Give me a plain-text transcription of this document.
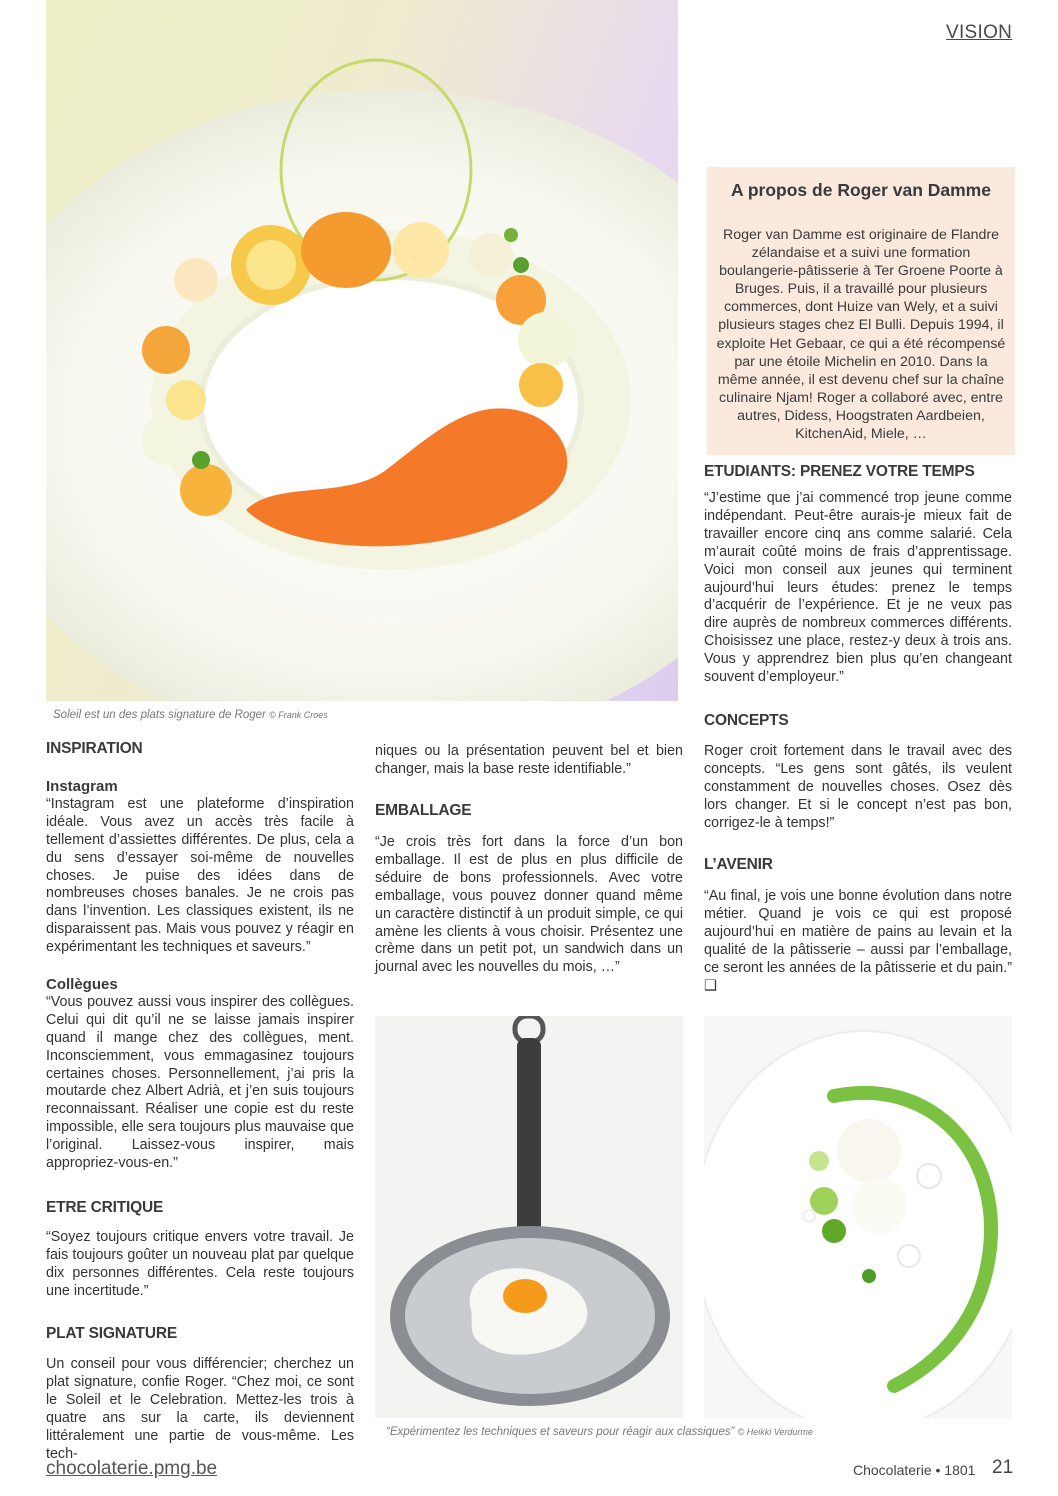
VISION
Soleil est un des plats signature de Roger © Frank Croes
A propos de Roger van Damme

Roger van Damme est originaire de Flandre zélandaise et a suivi une formation boulangerie-pâtisserie à Ter Groene Poorte à Bruges. Puis, il a travaillé pour plusieurs commerces, dont Huize van Wely, et a suivi plusieurs stages chez El Bulli. Depuis 1994, il exploite Het Gebaar, ce qui a été récompensé par une étoile Michelin en 2010. Dans la même année, il est devenu chef sur la chaîne culinaire Njam! Roger a collaboré avec, entre autres, Didess, Hoogstraten Aardbeien, KitchenAid, Miele, …

INSPIRATION
Instagram

“Instagram est une plateforme d’inspiration idéale. Vous avez un accès très facile à tellement d’assiettes différentes. De plus, cela a du sens d’essayer soi-même de nouvelles choses. Je puise des idées dans de nombreuses choses banales. Je ne crois pas dans l’invention. Les classiques existent, ils ne disparaissent pas. Mais vous pouvez y réagir en expérimentant les techniques et saveurs.”

Collègues

“Vous pouvez aussi vous inspirer des collègues. Celui qui dit qu’il ne se laisse jamais inspirer quand il mange chez des collègues, ment. Inconsciemment, vous emmagasinez toujours certaines choses. Personnellement, j’ai pris la moutarde chez Albert Adrià, et j’en suis toujours reconnaissant. Réaliser une copie est du reste impossible, elle sera toujours plus mauvaise que l’original. Laissez-vous inspirer, mais appropriez-vous-en.”

ETRE CRITIQUE

“Soyez toujours critique envers votre travail. Je fais toujours goûter un nouveau plat par quelque dix personnes différentes. Cela reste toujours une incertitude.”

PLAT SIGNATURE

Un conseil pour vous différencier; cherchez un plat signature, confie Roger. “Chez moi, ce sont le Soleil et le Celebration. Mettez-les trois à quatre ans sur la carte, ils deviennent littéralement une partie de vous-même. Les tech-

niques ou la présentation peuvent bel et bien changer, mais la base reste identifiable.”

EMBALLAGE

“Je crois très fort dans la force d’un bon emballage. Il est de plus en plus difficile de séduire de bons professionnels. Avec votre emballage, vous pouvez donner quand même un caractère distinctif à un produit simple, ce qui amène les clients à vous choisir. Présentez une crème dans un petit pot, un sandwich dans un journal avec les nouvelles du mois, …”

ETUDIANTS: PRENEZ VOTRE TEMPS

“J’estime que j’ai commencé trop jeune comme indépendant. Peut-être aurais-je mieux fait de travailler encore cinq ans comme salarié. Cela m’aurait coûté moins de frais d’apprentissage. Voici mon conseil aux jeunes qui terminent aujourd’hui leurs études: prenez le temps d’acquérir de l’expérience. Et je ne veux pas dire auprès de nombreux commerces différents. Choisissez une place, restez-y deux à trois ans. Vous y apprendrez bien plus qu’en changeant souvent d’employeur.”

CONCEPTS

Roger croit fortement dans le travail avec des concepts. “Les gens sont gâtés, ils veulent constamment de nouvelles choses. Osez dès lors changer. Et si le concept n’est pas bon, corrigez-le à temps!”

L’AVENIR

“Au final, je vois une bonne évolution dans notre métier. Quand je vois ce qui est proposé aujourd’hui en matière de pains au levain et la qualité de la pâtisserie – aussi par l’emballage, ce seront les années de la pâtisserie et du pain.” ❑

“Expérimentez les techniques et saveurs pour réagir aux classiques” © Heikki Verdurme
chocolaterie.pmg.be	Chocolaterie • 1801 21
